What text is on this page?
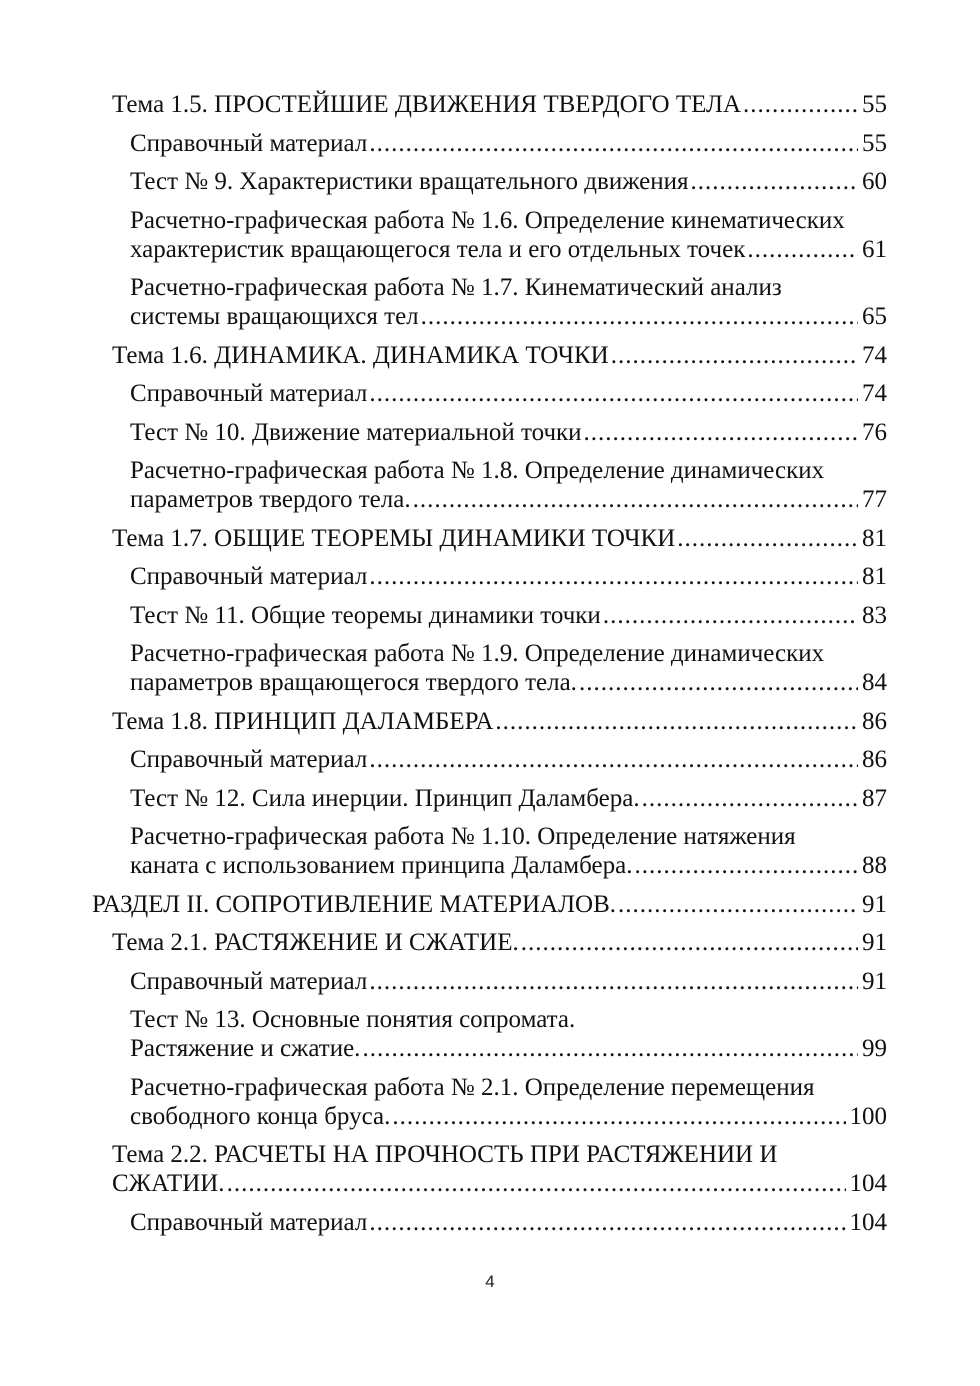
Тема 1.5. ПРОСТЕЙШИЕ ДВИЖЕНИЯ ТВЕРДОГО ТЕЛА .....	55
Справочный материал .....	55
Тест № 9. Характеристики вращательного движения .....	60
Расчетно-графическая работа № 1.6. Определение кинематических
характеристик вращающегося тела и его отдельных точек .....	61
Расчетно-графическая работа № 1.7. Кинематический анализ
системы вращающихся тел .....	65
Тема 1.6. ДИНАМИКА. ДИНАМИКА ТОЧКИ .....	74
Справочный материал .....	74
Тест № 10. Движение материальной точки .....	76
Расчетно-графическая работа № 1.8. Определение динамических
параметров твердого тела. .....	77
Тема 1.7. ОБЩИЕ ТЕОРЕМЫ ДИНАМИКИ ТОЧКИ .....	81
Справочный материал .....	81
Тест № 11. Общие теоремы динамики точки .....	83
Расчетно-графическая работа № 1.9. Определение динамических
параметров вращающегося твердого тела. .....	84
Тема 1.8. ПРИНЦИП ДАЛАМБЕРА .....	86
Справочный материал .....	86
Тест № 12. Сила инерции. Принцип Даламбера. .....	87
Расчетно-графическая работа № 1.10. Определение натяжения
каната с использованием принципа Даламбера. .....	88
РАЗДЕЛ II. СОПРОТИВЛЕНИЕ МАТЕРИАЛОВ. .....	91
Тема 2.1. РАСТЯЖЕНИЕ И СЖАТИЕ. .....	91
Справочный материал .....	91
Тест № 13. Основные понятия сопромата.
Растяжение и сжатие. .....	99
Расчетно-графическая работа № 2.1. Определение перемещения
свободного конца бруса. .....	100
Тема 2.2. РАСЧЕТЫ НА ПРОЧНОСТЬ ПРИ РАСТЯЖЕНИИ И
СЖАТИИ. .....	104
Справочный материал .....	104
4
